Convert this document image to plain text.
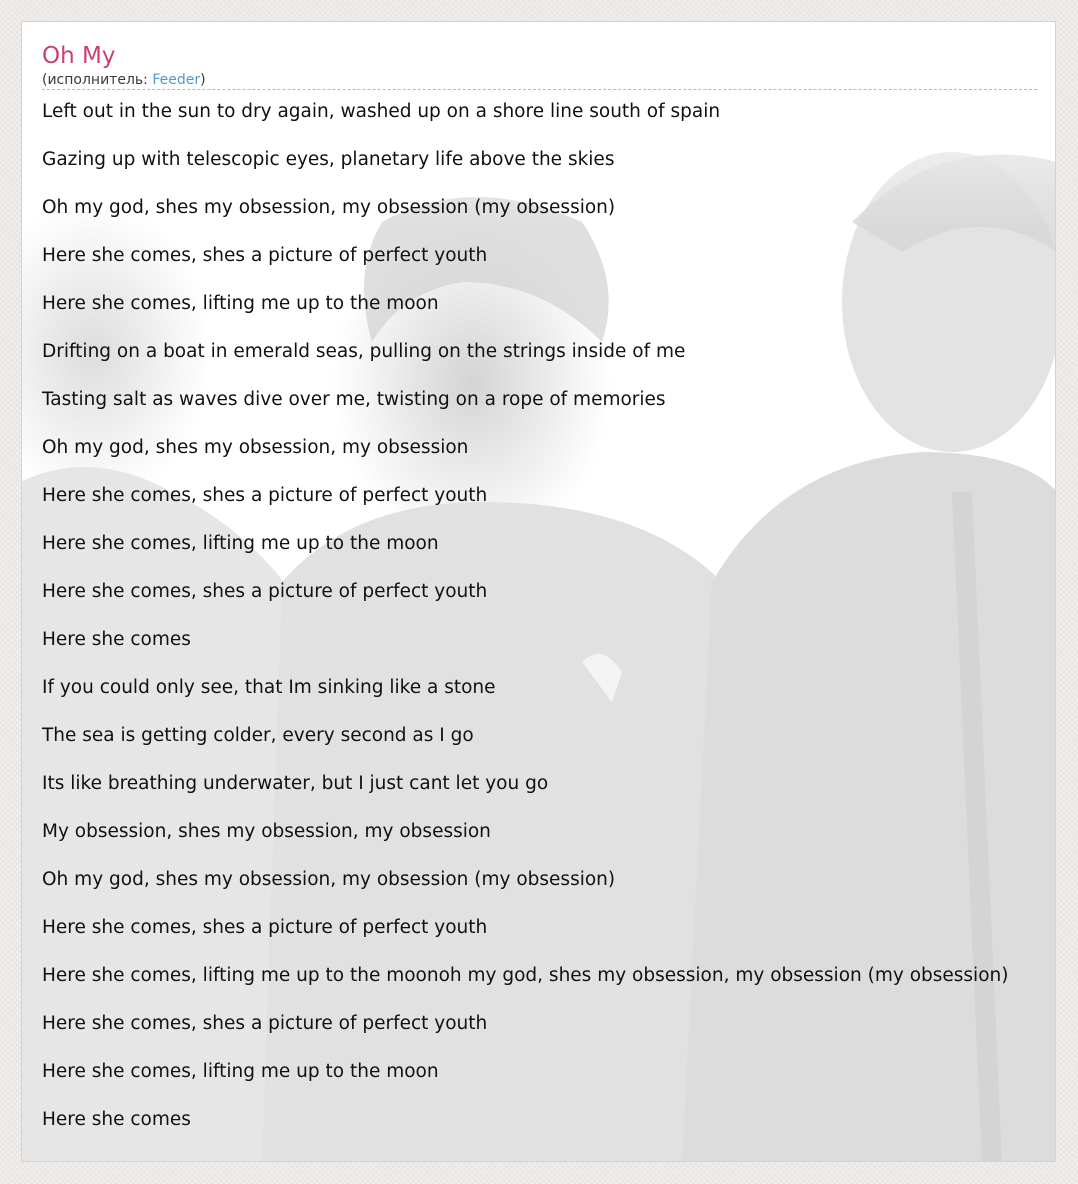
Oh My
(исполнитель: Feeder)
Left out in the sun to dry again, washed up on a shore line south of spain
Gazing up with telescopic eyes, planetary life above the skies
Oh my god, shes my obsession, my obsession (my obsession)
Here she comes, shes a picture of perfect youth
Here she comes, lifting me up to the moon
Drifting on a boat in emerald seas, pulling on the strings inside of me
Tasting salt as waves dive over me, twisting on a rope of memories
Oh my god, shes my obsession, my obsession
Here she comes, shes a picture of perfect youth
Here she comes, lifting me up to the moon
Here she comes, shes a picture of perfect youth
Here she comes
If you could only see, that Im sinking like a stone
The sea is getting colder, every second as I go
Its like breathing underwater, but I just cant let you go
My obsession, shes my obsession, my obsession
Oh my god, shes my obsession, my obsession (my obsession)
Here she comes, shes a picture of perfect youth
Here she comes, lifting me up to the moonoh my god, shes my obsession, my obsession (my obsession)
Here she comes, shes a picture of perfect youth
Here she comes, lifting me up to the moon
Here she comes
